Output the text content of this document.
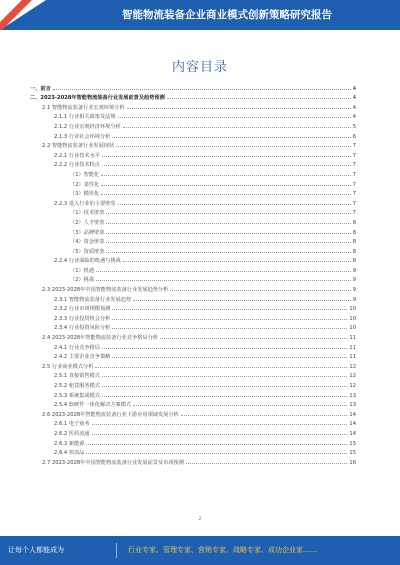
智能物流装备企业商业模式创新策略研究报告
内容目录
一、前言	4
二、2023-2028年智能物流装备行业发展前景及趋势预测	4
2.1 智能物流装备行业宏观环境分析	4
2.1.1 行业相关政策及法规	4
2.1.2 行业宏观经济环境分析	5
2.1.3 行业社会环境分析	6
2.2 智能物流装备行业发展现状	7
2.2.1 行业技术水平	7
2.2.2 行业技术特点	7
（1）智能化	7
（2）柔性化	7
（3）模块化	7
2.2.3 进入行业的主要壁垒	7
（1）技术壁垒	7
（2）人才壁垒	8
（3）品牌壁垒	8
（4）资金壁垒	8
（5）资质壁垒	8
2.2.4 行业面临的机遇与挑战	8
（1）机遇	9
（2）挑战	9
2.3 2023-2028年中国智能物流装备行业发展趋势分析	9
2.3.1 智能物流装备行业发展趋势	9
2.3.2 行业市场规模预测	10
2.3.3 行业投资机会分析	10
2.3.4 行业投资风险分析	10
2.4 2023-2028年智能物流装备行业竞争格局分析	11
2.4.1 行业竞争格局	11
2.4.2 主要企业竞争策略	11
2.5 行业商业模式分析	12
2.5.1 直接销售模式	12
2.5.2 租赁服务模式	12
2.5.3 系统集成模式	13
2.5.4 软硬件一体化解决方案模式	13
2.6 2023-2028年智能物流装备行业下游应用领域发展分析	14
2.6.1 电子商务	14
2.6.2 医药流通	14
2.6.3 新能源	15
2.6.4 快消品	15
2.7 2023-2028年中国智能物流装备行业发展前景及市场预测	16
2
让每个人都能成为	行业专家、管理专家、营销专家、战略专家、成功企业家……
